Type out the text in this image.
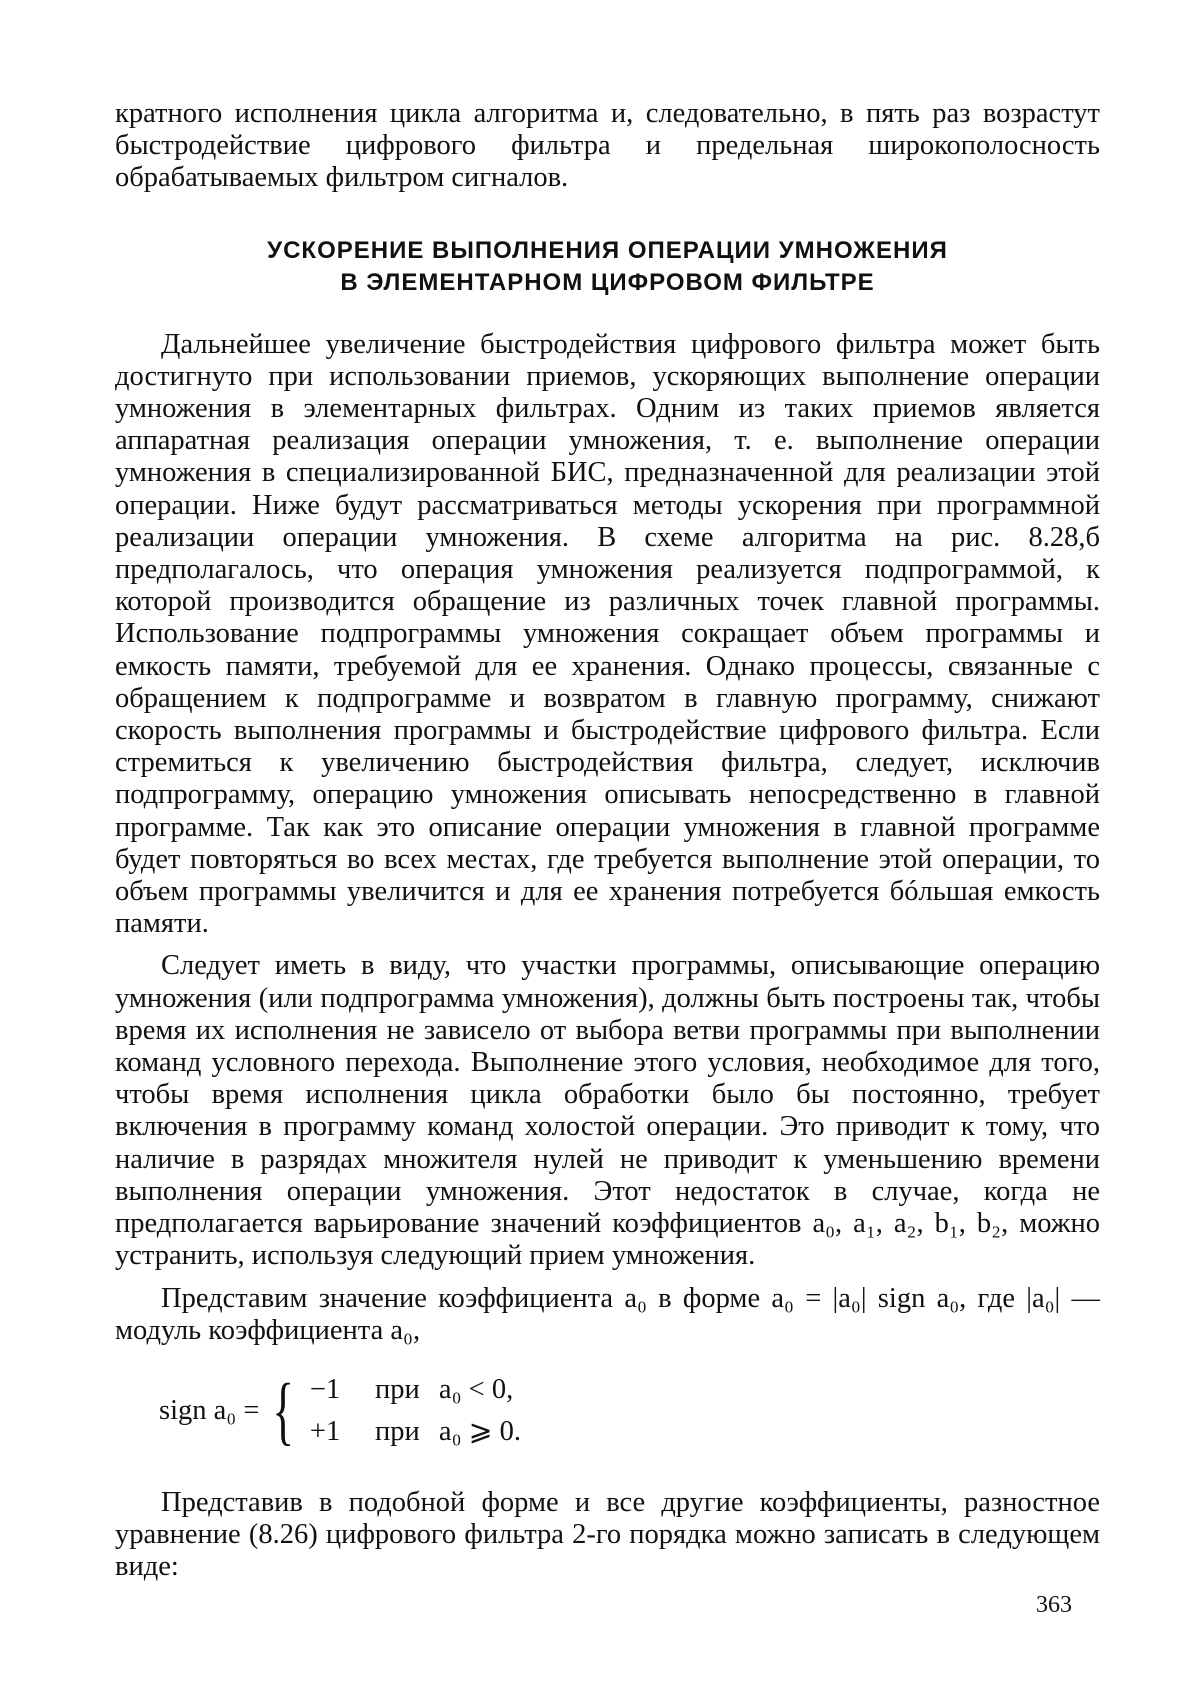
кратного исполнения цикла алгоритма и, следовательно, в пять раз возрастут быстродействие цифрового фильтра и предельная широкополосность обрабатываемых фильтром сигналов.

УСКОРЕНИЕ ВЫПОЛНЕНИЯ ОПЕРАЦИИ УМНОЖЕНИЯ
В ЭЛЕМЕНТАРНОМ ЦИФРОВОМ ФИЛЬТРЕ

Дальнейшее увеличение быстродействия цифрового фильтра может быть достигнуто при использовании приемов, ускоряющих выполнение операции умножения в элементарных фильтрах. Одним из таких приемов является аппаратная реализация операции умножения, т. е. выполнение операции умножения в специализированной БИС, предназначенной для реализации этой операции. Ниже будут рассматриваться методы ускорения при программной реализации операции умножения. В схеме алгоритма на рис. 8.28,б предполагалось, что операция умножения реализуется подпрограммой, к которой производится обращение из различных точек главной программы. Использование подпрограммы умножения сокращает объем программы и емкость памяти, требуемой для ее хранения. Однако процессы, связанные с обращением к подпрограмме и возвратом в главную программу, снижают скорость выполнения программы и быстродействие цифрового фильтра. Если стремиться к увеличению быстродействия фильтра, следует, исключив подпрограмму, операцию умножения описывать непосредственно в главной программе. Так как это описание операции умножения в главной программе будет повторяться во всех местах, где требуется выполнение этой операции, то объем программы увеличится и для ее хранения потребуется бóльшая емкость памяти.

Следует иметь в виду, что участки программы, описывающие операцию умножения (или подпрограмма умножения), должны быть построены так, чтобы время их исполнения не зависело от выбора ветви программы при выполнении команд условного перехода. Выполнение этого условия, необходимое для того, чтобы время исполнения цикла обработки было бы постоянно, требует включения в программу команд холостой операции. Это приводит к тому, что наличие в разрядах множителя нулей не приводит к уменьшению времени выполнения операции умножения. Этот недостаток в случае, когда не предполагается варьирование значений коэффициентов a₀, a₁, a₂, b₁, b₂, можно устранить, используя следующий прием умножения.

Представим значение коэффициента a₀ в форме a₀ = |a₀| sign a₀, где |a₀| — модуль коэффициента a₀,

sign a₀ = { −1 при a₀ < 0,
+1 при a₀ ⩾ 0.

Представив в подобной форме и все другие коэффициенты, разностное уравнение (8.26) цифрового фильтра 2-го порядка можно записать в следующем виде:

363
